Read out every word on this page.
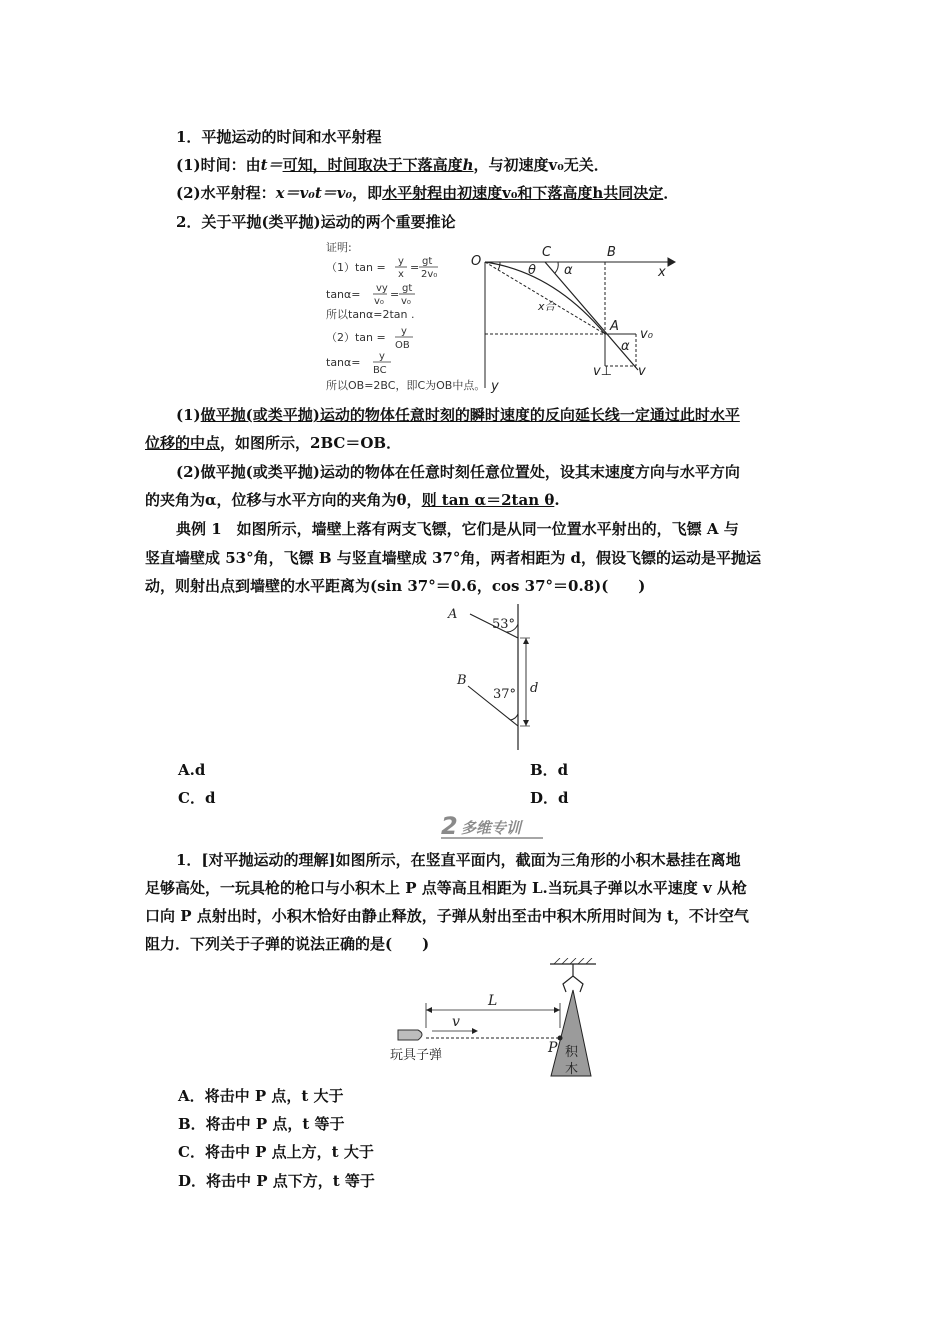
1．平抛运动的时间和水平射程
(1)时间：由t＝可知，时间取决于下落高度h，与初速度v₀无关．
(2)水平射程：x＝v₀t＝v₀，即水平射程由初速度v₀和下落高度h共同决定．
2．关于平抛(类平抛)运动的两个重要推论
证明:
（1）tan = y
x
= gt
2v₀
tanα= vy
v₀
= gt
v₀
所以tanα=2tan .
（2）tan = y
OB
tanα= y
BC
所以OB=2BC，即C为OB中点。
O
C	B
x
y
θ α
A
v₀
α
v⊥ v
x合
(1)做平抛(或类平抛)运动的物体任意时刻的瞬时速度的反向延长线一定通过此时水平
位移的中点，如图所示，2BC＝OB．
(2)做平抛(或类平抛)运动的物体在任意时刻任意位置处，设其末速度方向与水平方向
的夹角为α，位移与水平方向的夹角为θ，则 tan α＝2tan θ.
典例 1　如图所示，墙壁上落有两支飞镖，它们是从同一位置水平射出的，飞镖 A 与
竖直墙壁成 53°角，飞镖 B 与竖直墙壁成 37°角，两者相距为 d，假设飞镖的运动是平抛运
动，则射出点到墙壁的水平距离为(sin 37°＝0.6，cos 37°＝0.8)(　　)
A
B
53°
37° d
A.d	B．d
C．d	D．d
2 多维专训
1．[对平抛运动的理解]如图所示，在竖直平面内，截面为三角形的小积木悬挂在离地
足够高处，一玩具枪的枪口与小积木上 P 点等高且相距为 L.当玩具子弹以水平速度 v 从枪
口向 P 点射出时，小积木恰好由静止释放，子弹从射出至击中积木所用时间为 t，不计空气
阻力．下列关于子弹的说法正确的是(　　)
L
v
P 积
木
玩具子弹
A．将击中 P 点，t 大于
B．将击中 P 点，t 等于
C．将击中 P 点上方，t 大于
D．将击中 P 点下方，t 等于
